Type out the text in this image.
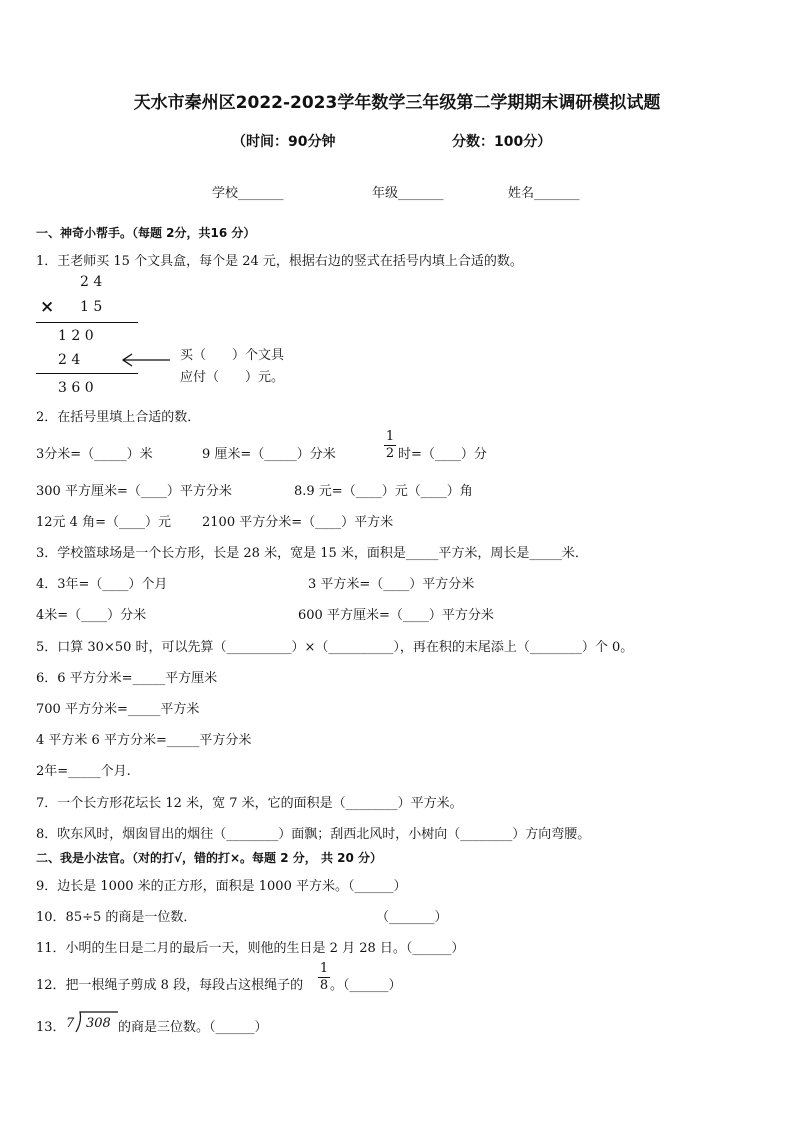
天水市秦州区2022-2023学年数学三年级第二学期期末调研模拟试题
（时间：90分钟	分数：100分）
学校_______	年级_______	姓名_______
一、神奇小帮手。（每题 2分，共16 分）
1．王老师买 15 个文具盒，每个是 24 元，根据右边的竖式在括号内填上合适的数。
2 4
× 1 5
1 2 0
2 4
3 6 0
买（　　）个文具
应付（　　）元。
2．在括号里填上合适的数．
3分米=（_____）米	9 厘米=（_____）分米
1
2 时=（____）分
300 平方厘米=（____）平方分米	8.9 元=（____）元（____）角
12元 4 角=（____）元 2100 平方分米=（____）平方米
3．学校篮球场是一个长方形，长是 28 米，宽是 15 米，面积是_____平方米，周长是_____米．
4．3年=（____）个月	3 平方米=（____）平方分米
4米=（____）分米	600 平方厘米=（____）平方分米
5．口算 30×50 时，可以先算（__________）×（__________），再在积的末尾添上（________）个 0。
6．6 平方分米=_____平方厘米
700 平方分米=_____平方米
4 平方米 6 平方分米=_____平方分米
2年=_____个月.
7．一个长方形花坛长 12 米，宽 7 米，它的面积是（________）平方米。
8．吹东风时，烟囱冒出的烟往（________）面飘；刮西北风时，小树向（________）方向弯腰。
二、我是小法官。（对的打√，错的打×。每题 2 分， 共 20 分）
9．边长是 1000 米的正方形，面积是 1000 平方米。（______）
10．85÷5 的商是一位数．	（_______）
11．小明的生日是二月的最后一天，则他的生日是 2 月 28 日。（______）
12．把一根绳子剪成 8 段，每段占这根绳子的
1
8 。（______）
13． 7 308 的商是三位数。（______）
